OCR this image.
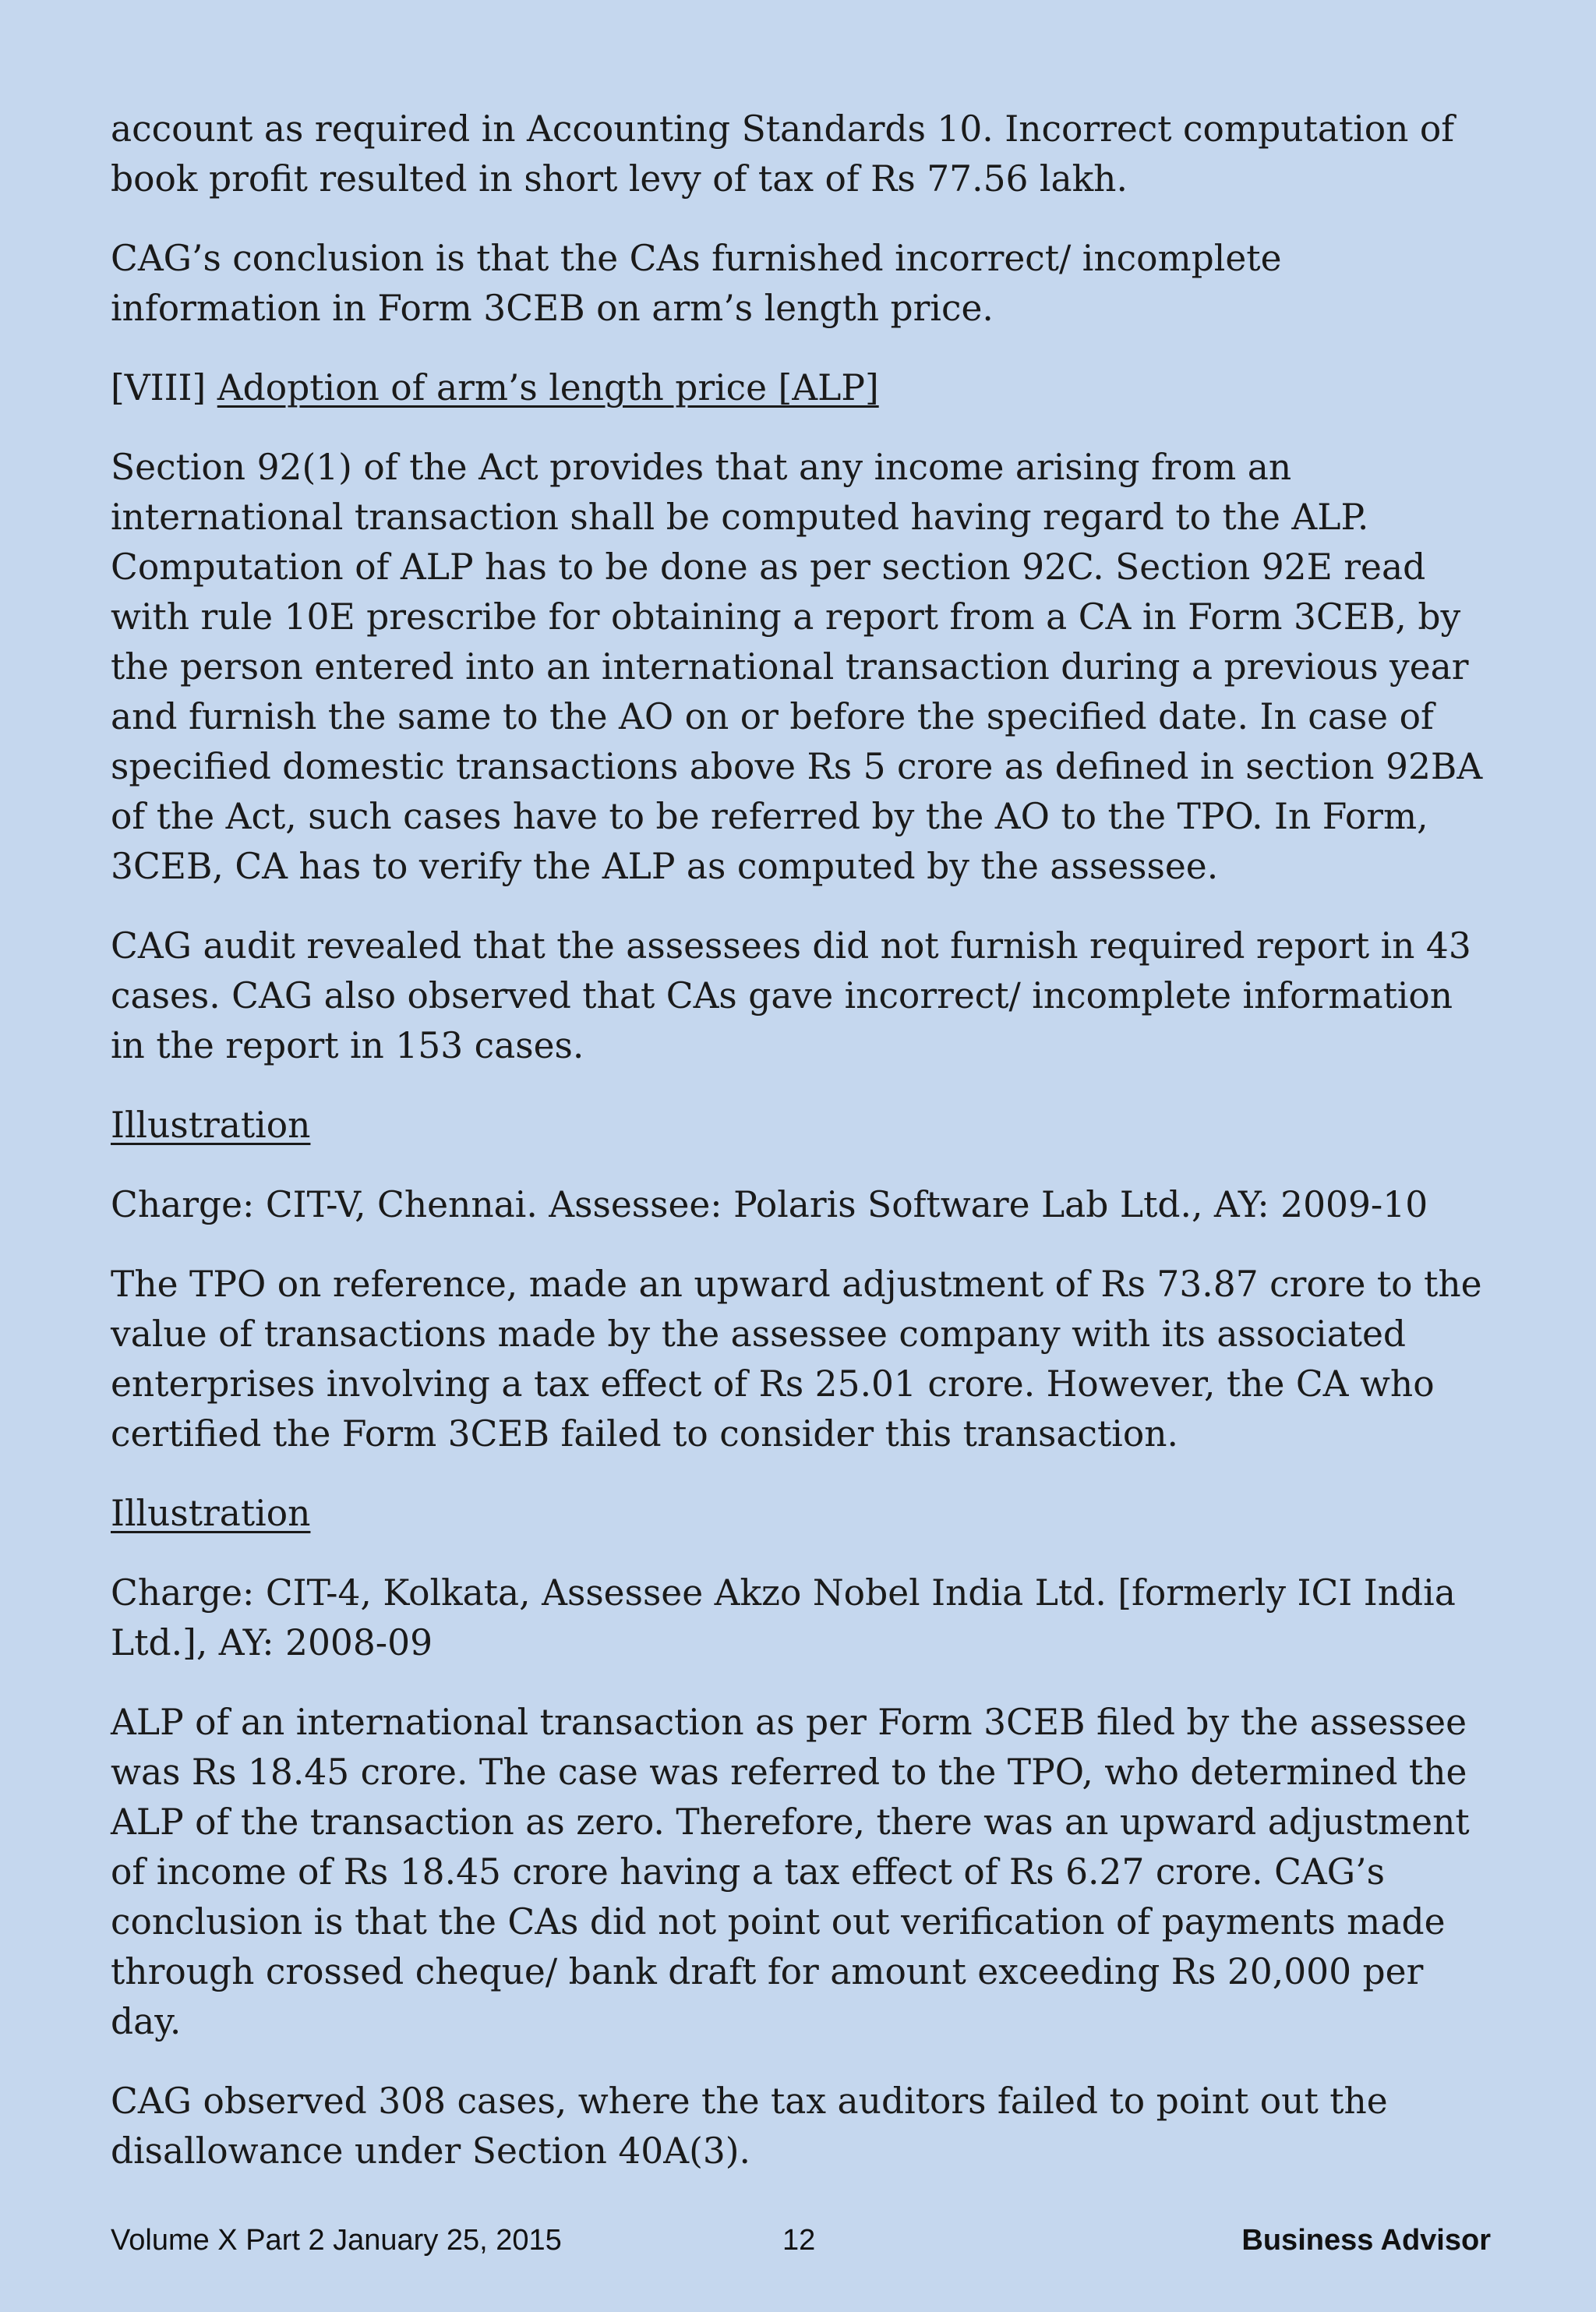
account as required in Accounting Standards 10. Incorrect computation of
book profit resulted in short levy of tax of Rs 77.56 lakh.

CAG’s conclusion is that the CAs furnished incorrect/ incomplete
information in Form 3CEB on arm’s length price.

[VIII] Adoption of arm’s length price [ALP]

Section 92(1) of the Act provides that any income arising from an
international transaction shall be computed having regard to the ALP.
Computation of ALP has to be done as per section 92C. Section 92E read
with rule 10E prescribe for obtaining a report from a CA in Form 3CEB, by
the person entered into an international transaction during a previous year
and furnish the same to the AO on or before the specified date. In case of
specified domestic transactions above Rs 5 crore as defined in section 92BA
of the Act, such cases have to be referred by the AO to the TPO. In Form,
3CEB, CA has to verify the ALP as computed by the assessee.

CAG audit revealed that the assessees did not furnish required report in 43
cases. CAG also observed that CAs gave incorrect/ incomplete information
in the report in 153 cases.

Illustration

Charge: CIT-V, Chennai. Assessee: Polaris Software Lab Ltd., AY: 2009-10

The TPO on reference, made an upward adjustment of Rs 73.87 crore to the
value of transactions made by the assessee company with its associated
enterprises involving a tax effect of Rs 25.01 crore. However, the CA who
certified the Form 3CEB failed to consider this transaction.

Illustration

Charge: CIT-4, Kolkata, Assessee Akzo Nobel India Ltd. [formerly ICI India
Ltd.], AY: 2008-09

ALP of an international transaction as per Form 3CEB filed by the assessee
was Rs 18.45 crore. The case was referred to the TPO, who determined the
ALP of the transaction as zero. Therefore, there was an upward adjustment
of income of Rs 18.45 crore having a tax effect of Rs 6.27 crore. CAG’s
conclusion is that the CAs did not point out verification of payments made
through crossed cheque/ bank draft for amount exceeding Rs 20,000 per
day.

CAG observed 308 cases, where the tax auditors failed to point out the
disallowance under Section 40A(3).

Volume X Part 2 January 25, 2015	12	Business Advisor
